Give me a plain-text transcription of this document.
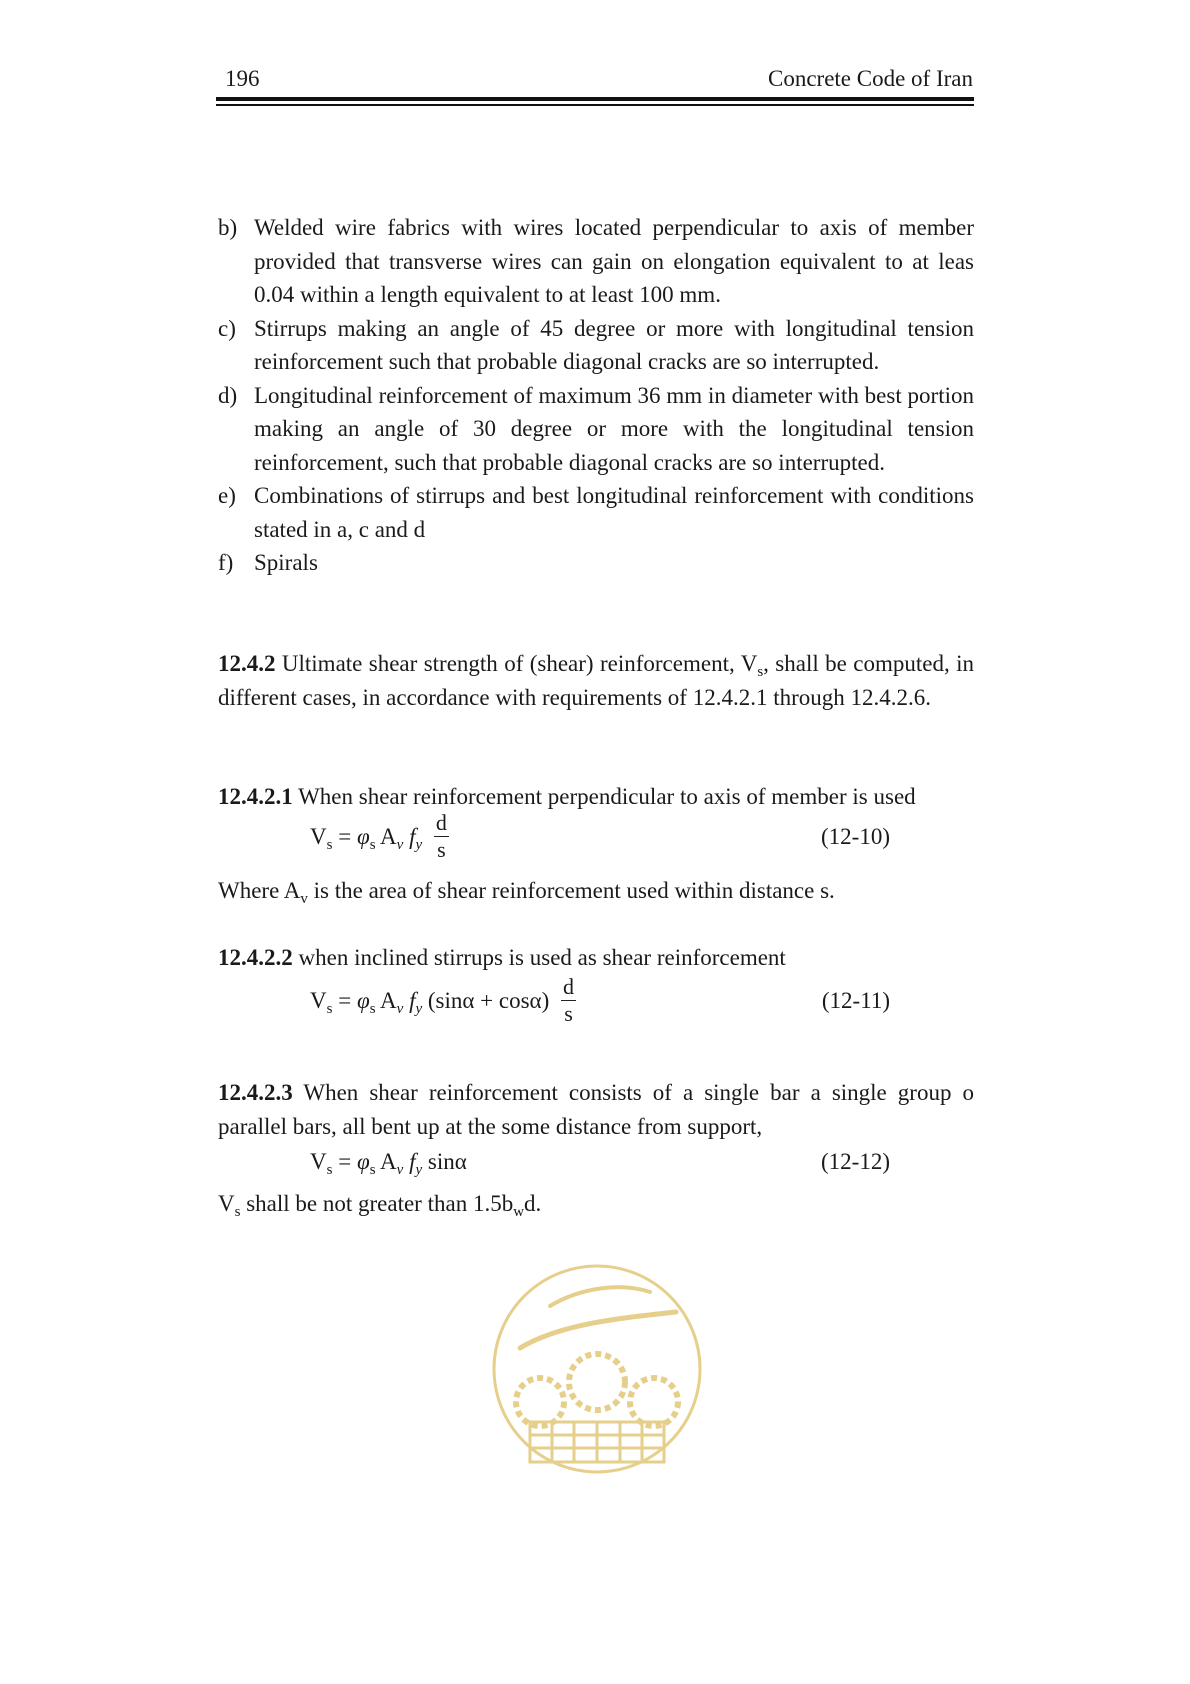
196	Concrete Code of Iran
b) Welded wire fabrics with wires located perpendicular to axis of member provided that transverse wires can gain on elongation equivalent to at leas 0.04 within a length equivalent to at least 100 mm.
c) Stirrups making an angle of 45 degree or more with longitudinal tension reinforcement such that probable diagonal cracks are so interrupted.
d) Longitudinal reinforcement of maximum 36 mm in diameter with best portion making an angle of 30 degree or more with the longitudinal tension reinforcement, such that probable diagonal cracks are so interrupted.
e) Combinations of stirrups and best longitudinal reinforcement with conditions stated in a, c and d
f) Spirals

12.4.2 Ultimate shear strength of (shear) reinforcement, $V_s$, shall be computed, in different cases, in accordance with requirements of 12.4.2.1 through 12.4.2.6.

12.4.2.1 When shear reinforcement perpendicular to axis of member is used

$V_s = \varphi_s$ $A_v$ $f_y \frac{d}{s}$	(12-10)

Where $A_v$ is the area of shear reinforcement used within distance s.

12.4.2.2 when inclined stirrups is used as shear reinforcement

$V_s = \varphi_s$ $A_v$ $f_y$ $(\sin\alpha + \cos\alpha) \frac{d}{s}$	(12-11)

12.4.2.3 When shear reinforcement consists of a single bar a single group o parallel bars, all bent up at the some distance from support,

$V_s = \varphi_s$ $A_v$ $f_y$ sinα	(12-12)

$V_s$ shall be not greater than $1.5b_wd$.
